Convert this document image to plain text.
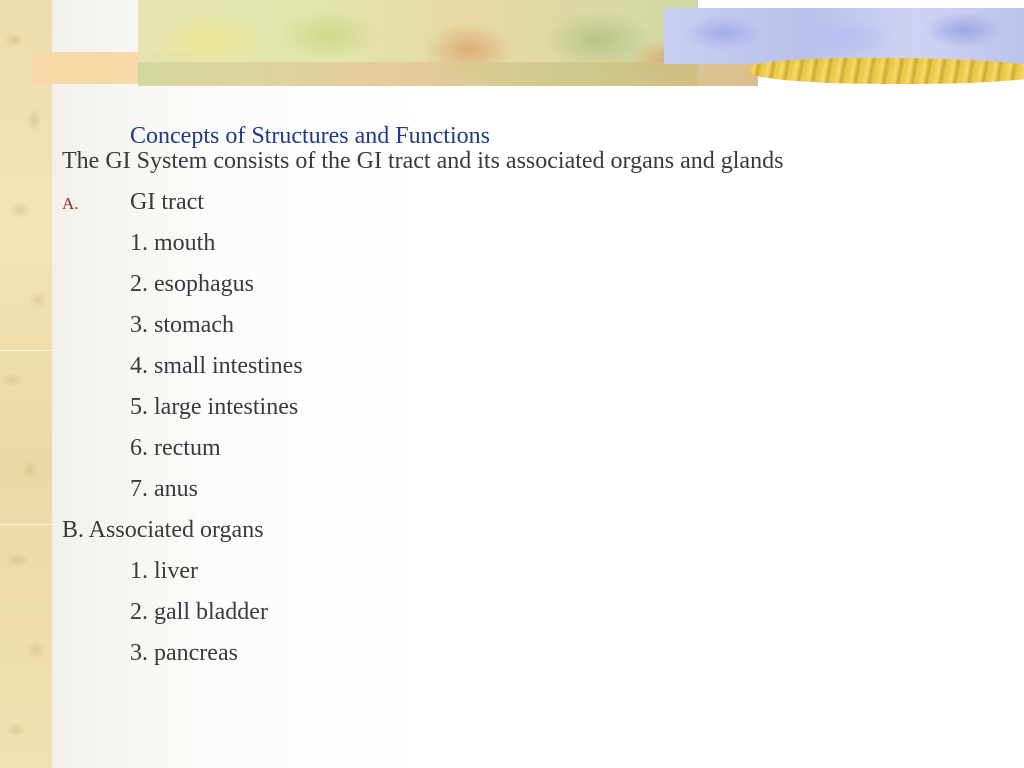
Concepts of Structures and Functions
The GI System consists of the GI tract and its associated organs and glands
A. GI tract
1. mouth
2. esophagus
3. stomach
4. small intestines
5. large intestines
6. rectum
7. anus
B. Associated organs
1. liver
2. gall bladder
3. pancreas
